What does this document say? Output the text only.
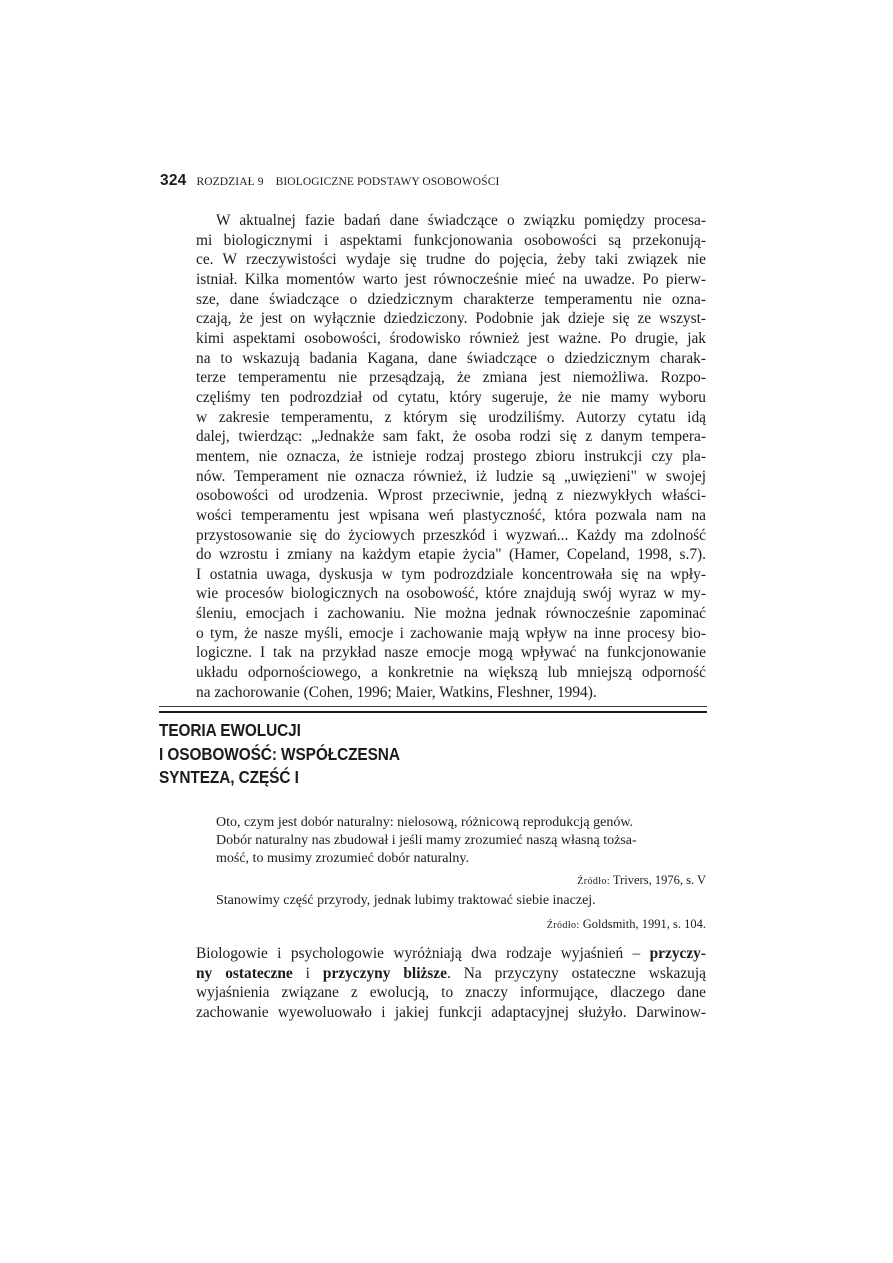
324 ROZDZIAŁ 9 BIOLOGICZNE PODSTAWY OSOBOWOŚCI
W aktualnej fazie badań dane świadczące o związku pomiędzy procesa-
mi biologicznymi i aspektami funkcjonowania osobowości są przekonują-
ce. W rzeczywistości wydaje się trudne do pojęcia, żeby taki związek nie
istniał. Kilka momentów warto jest równocześnie mieć na uwadze. Po pierw-
sze, dane świadczące o dziedzicznym charakterze temperamentu nie ozna-
czają, że jest on wyłącznie dziedziczony. Podobnie jak dzieje się ze wszyst-
kimi aspektami osobowości, środowisko również jest ważne. Po drugie, jak
na to wskazują badania Kagana, dane świadczące o dziedzicznym charak-
terze temperamentu nie przesądzają, że zmiana jest niemożliwa. Rozpo-
częliśmy ten podrozdział od cytatu, który sugeruje, że nie mamy wyboru
w zakresie temperamentu, z którym się urodziliśmy. Autorzy cytatu idą
dalej, twierdząc: „Jednakże sam fakt, że osoba rodzi się z danym tempera-
mentem, nie oznacza, że istnieje rodzaj prostego zbioru instrukcji czy pla-
nów. Temperament nie oznacza również, iż ludzie są „uwięzieni" w swojej
osobowości od urodzenia. Wprost przeciwnie, jedną z niezwykłych właści-
wości temperamentu jest wpisana weń plastyczność, która pozwala nam na
przystosowanie się do życiowych przeszkód i wyzwań... Każdy ma zdolność
do wzrostu i zmiany na każdym etapie życia" (Hamer, Copeland, 1998, s.7).
I ostatnia uwaga, dyskusja w tym podrozdziale koncentrowała się na wpły-
wie procesów biologicznych na osobowość, które znajdują swój wyraz w my-
śleniu, emocjach i zachowaniu. Nie można jednak równocześnie zapominać
o tym, że nasze myśli, emocje i zachowanie mają wpływ na inne procesy bio-
logiczne. I tak na przykład nasze emocje mogą wpływać na funkcjonowanie
układu odpornościowego, a konkretnie na większą lub mniejszą odporność
na zachorowanie (Cohen, 1996; Maier, Watkins, Fleshner, 1994).
TEORIA EWOLUCJI
I OSOBOWOŚĆ: WSPÓŁCZESNA
SYNTEZA, CZĘŚĆ I
Oto, czym jest dobór naturalny: nielosową, różnicową reprodukcją genów.
Dobór naturalny nas zbudował i jeśli mamy zrozumieć naszą własną tożsa-
mość, to musimy zrozumieć dobór naturalny.
Źródło: Trivers, 1976, s. V
Stanowimy część przyrody, jednak lubimy traktować siebie inaczej.
Źródło: Goldsmith, 1991, s. 104.
Biologowie i psychologowie wyróżniają dwa rodzaje wyjaśnień – przyczy-
ny ostateczne i przyczyny bliższe. Na przyczyny ostateczne wskazują
wyjaśnienia związane z ewolucją, to znaczy informujące, dlaczego dane
zachowanie wyewoluowało i jakiej funkcji adaptacyjnej służyło. Darwinow-
